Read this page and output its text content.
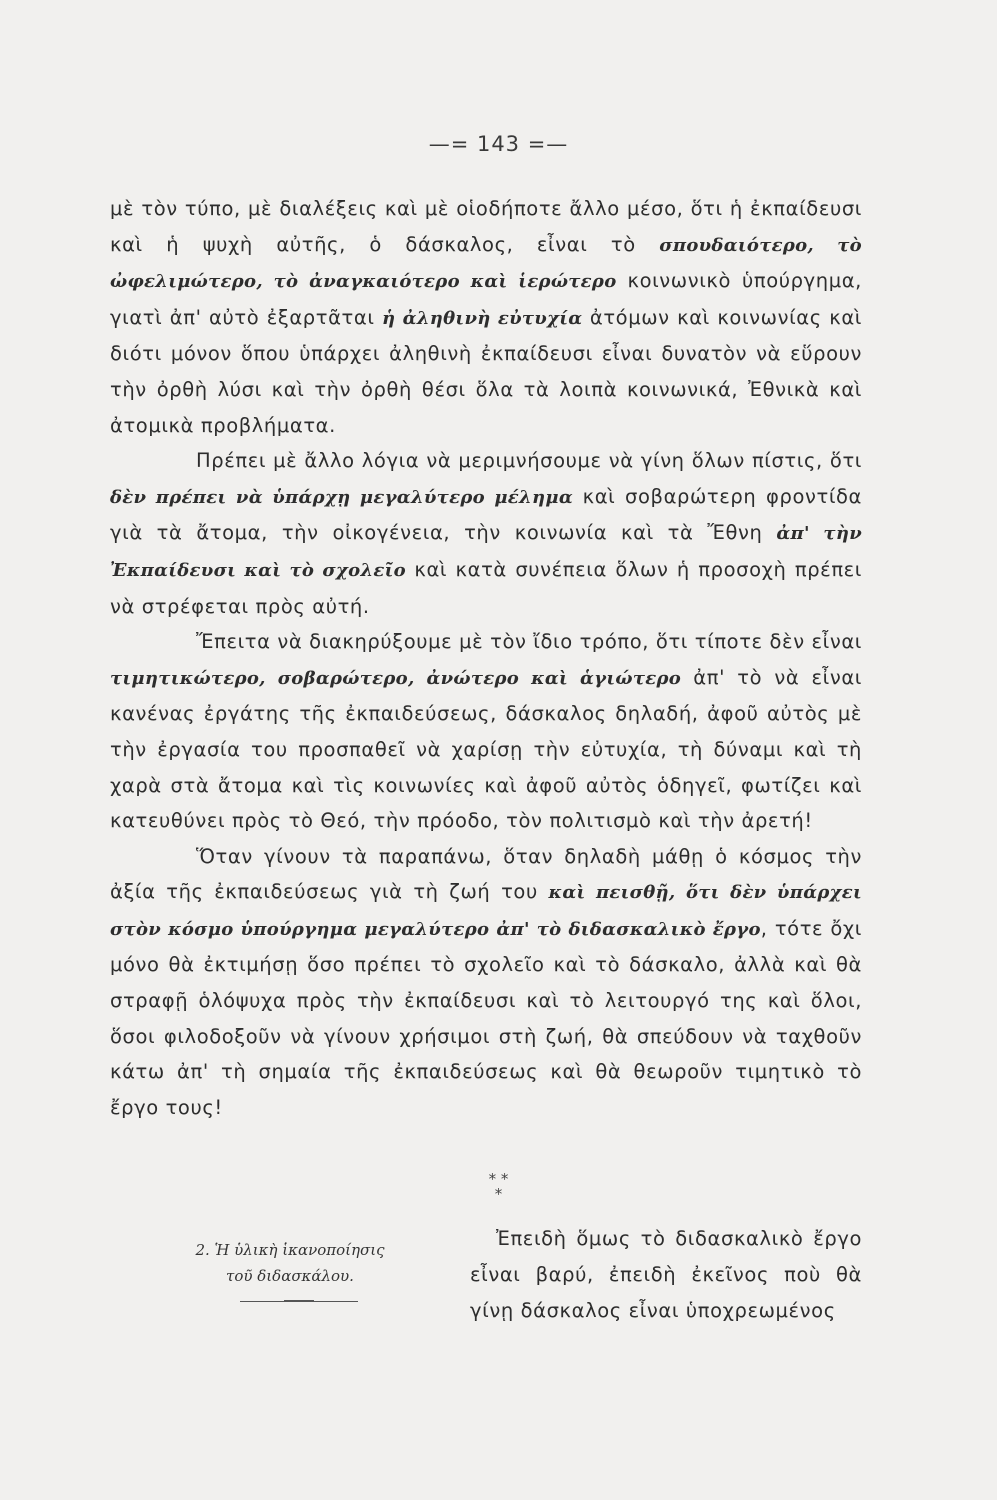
—= 143 =—

μὲ τὸν τύπο, μὲ διαλέξεις καὶ μὲ οἱοδήποτε ἄλλο μέσο, ὅτι ἡ ἐκπαίδευσι καὶ ἡ ψυχὴ αὐτῆς, ὁ δάσκαλος, εἶναι τὸ σπουδαιότερο, τὸ ὠφελιμώτερο, τὸ ἀναγκαιότερο καὶ ἱερώτερο κοινωνικὸ ὑπούργημα, γιατὶ ἀπ' αὐτὸ ἐξαρτᾶται ἡ ἀληθινὴ εὐτυχία ἀτόμων καὶ κοινωνίας καὶ διότι μόνον ὅπου ὑπάρχει ἀληθινὴ ἐκπαίδευσι εἶναι δυνατὸν νὰ εὕρουν τὴν ὀρθὴ λύσι καὶ τὴν ὀρθὴ θέσι ὅλα τὰ λοιπὰ κοινωνικά, Ἐθνικὰ καὶ ἀτομικὰ προβλήματα.

Πρέπει μὲ ἄλλο λόγια νὰ μεριμνήσουμε νὰ γίνη ὅλων πίστις, ὅτι δὲν πρέπει νὰ ὑπάρχῃ μεγαλύτερο μέλημα καὶ σοβαρώτερη φροντίδα γιὰ τὰ ἄτομα, τὴν οἰκογένεια, τὴν κοινωνία καὶ τὰ Ἔθνη ἀπ' τὴν Ἐκπαίδευσι καὶ τὸ σχολεῖο καὶ κατὰ συνέπεια ὅλων ἡ προσοχὴ πρέπει νὰ στρέφεται πρὸς αὐτή.

Ἔπειτα νὰ διακηρύξουμε μὲ τὸν ἴδιο τρόπο, ὅτι τίποτε δὲν εἶναι τιμητικώτερο, σοβαρώτερο, ἀνώτερο καὶ ἁγιώτερο ἀπ' τὸ νὰ εἶναι κανένας ἐργάτης τῆς ἐκπαιδεύσεως, δάσκαλος δηλαδή, ἀφοῦ αὐτὸς μὲ τὴν ἐργασία του προσπαθεῖ νὰ χαρίσῃ τὴν εὐτυχία, τὴ δύναμι καὶ τὴ χαρὰ στὰ ἄτομα καὶ τὶς κοινωνίες καὶ ἀφοῦ αὐτὸς ὁδηγεῖ, φωτίζει καὶ κατευθύνει πρὸς τὸ Θεό, τὴν πρόοδο, τὸν πολιτισμὸ καὶ τὴν ἀρετή!

Ὅταν γίνουν τὰ παραπάνω, ὅταν δηλαδὴ μάθῃ ὁ κόσμος τὴν ἀξία τῆς ἐκπαιδεύσεως γιὰ τὴ ζωή του καὶ πεισθῇ, ὅτι δὲν ὑπάρχει στὸν κόσμο ὑπούργημα μεγαλύτερο ἀπ' τὸ διδασκαλικὸ ἔργο, τότε ὄχι μόνο θὰ ἐκτιμήσῃ ὅσο πρέπει τὸ σχολεῖο καὶ τὸ δάσκαλο, ἀλλὰ καὶ θὰ στραφῇ ὁλόψυχα πρὸς τὴν ἐκπαίδευσι καὶ τὸ λειτουργό της καὶ ὅλοι, ὅσοι φιλοδοξοῦν νὰ γίνουν χρήσιμοι στὴ ζωή, θὰ σπεύδουν νὰ ταχθοῦν κάτω ἀπ' τὴ σημαία τῆς ἐκπαιδεύσεως καὶ θὰ θεωροῦν τιμητικὸ τὸ ἔργο τους!

* *
*
2. Ἡ ὑλικὴ ἱκανοποίησις
τοῦ διδασκάλου.

Ἐπειδὴ ὅμως τὸ διδασκαλικὸ ἔργο εἶναι βαρύ, ἐπειδὴ ἐκεῖνος ποὺ θὰ γίνῃ δάσκαλος εἶναι ὑποχρεωμένος
